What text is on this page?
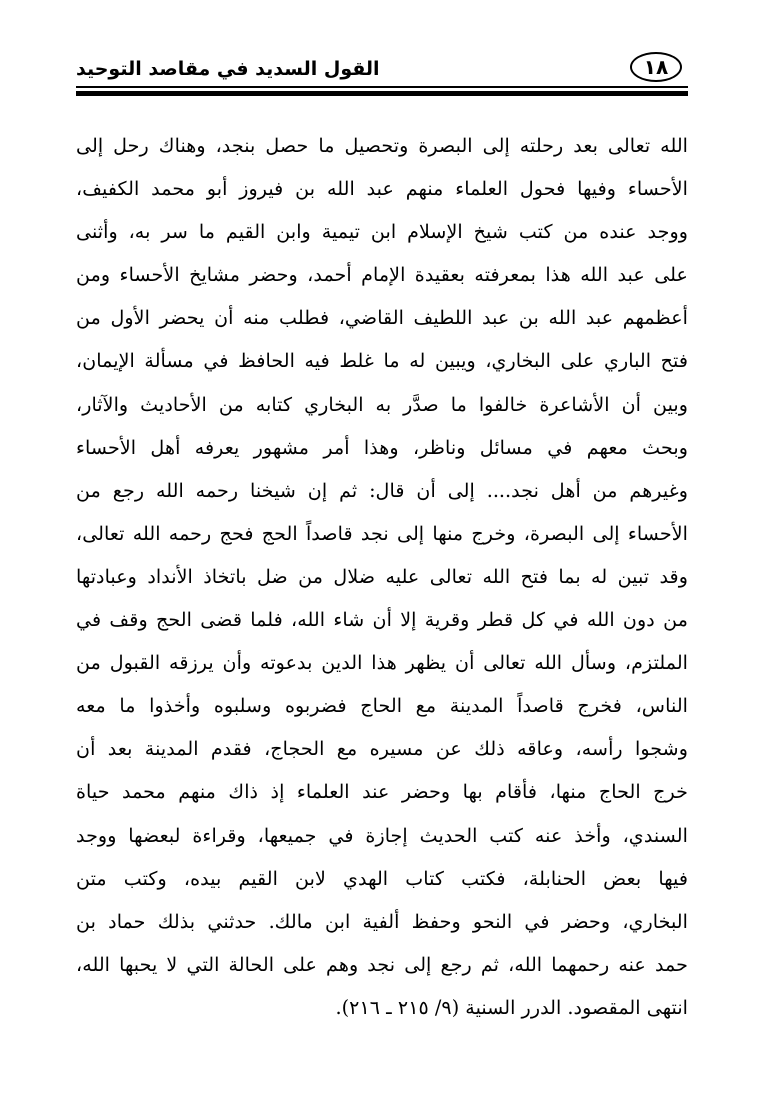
القول السديد في مقاصد التوحيد	١٨
الله تعالى بعد رحلته إلى البصرة وتحصيل ما حصل بنجد، وهناك رحل إلى
الأحساء وفيها فحول العلماء منهم عبد الله بن فيروز أبو محمد الكفيف،
ووجد عنده من كتب شيخ الإسلام ابن تيمية وابن القيم ما سر به، وأثنى
على عبد الله هذا بمعرفته بعقيدة الإمام أحمد، وحضر مشايخ الأحساء ومن
أعظمهم عبد الله بن عبد اللطيف القاضي، فطلب منه أن يحضر الأول من
فتح الباري على البخاري، ويبين له ما غلط فيه الحافظ في مسألة الإيمان،
وبين أن الأشاعرة خالفوا ما صدَّر به البخاري كتابه من الأحاديث والآثار،
وبحث معهم في مسائل وناظر، وهذا أمر مشهور يعرفه أهل الأحساء
وغيرهم من أهل نجد.... إلى أن قال: ثم إن شيخنا رحمه الله رجع من
الأحساء إلى البصرة، وخرج منها إلى نجد قاصداً الحج فحج رحمه الله تعالى،
وقد تبين له بما فتح الله تعالى عليه ضلال من ضل باتخاذ الأنداد وعبادتها
من دون الله في كل قطر وقرية إلا أن شاء الله، فلما قضى الحج وقف في
الملتزم، وسأل الله تعالى أن يظهر هذا الدين بدعوته وأن يرزقه القبول من
الناس، فخرج قاصداً المدينة مع الحاج فضربوه وسلبوه وأخذوا ما معه
وشجوا رأسه، وعاقه ذلك عن مسيره مع الحجاج، فقدم المدينة بعد أن
خرج الحاج منها، فأقام بها وحضر عند العلماء إذ ذاك منهم محمد حياة
السندي، وأخذ عنه كتب الحديث إجازة في جميعها، وقراءة لبعضها ووجد
فيها بعض الحنابلة، فكتب كتاب الهدي لابن القيم بيده، وكتب متن
البخاري، وحضر في النحو وحفظ ألفية ابن مالك. حدثني بذلك حماد بن
حمد عنه رحمهما الله، ثم رجع إلى نجد وهم على الحالة التي لا يحبها الله،
انتهى المقصود. الدرر السنية (٩/ ٢١٥ ـ ٢١٦).
